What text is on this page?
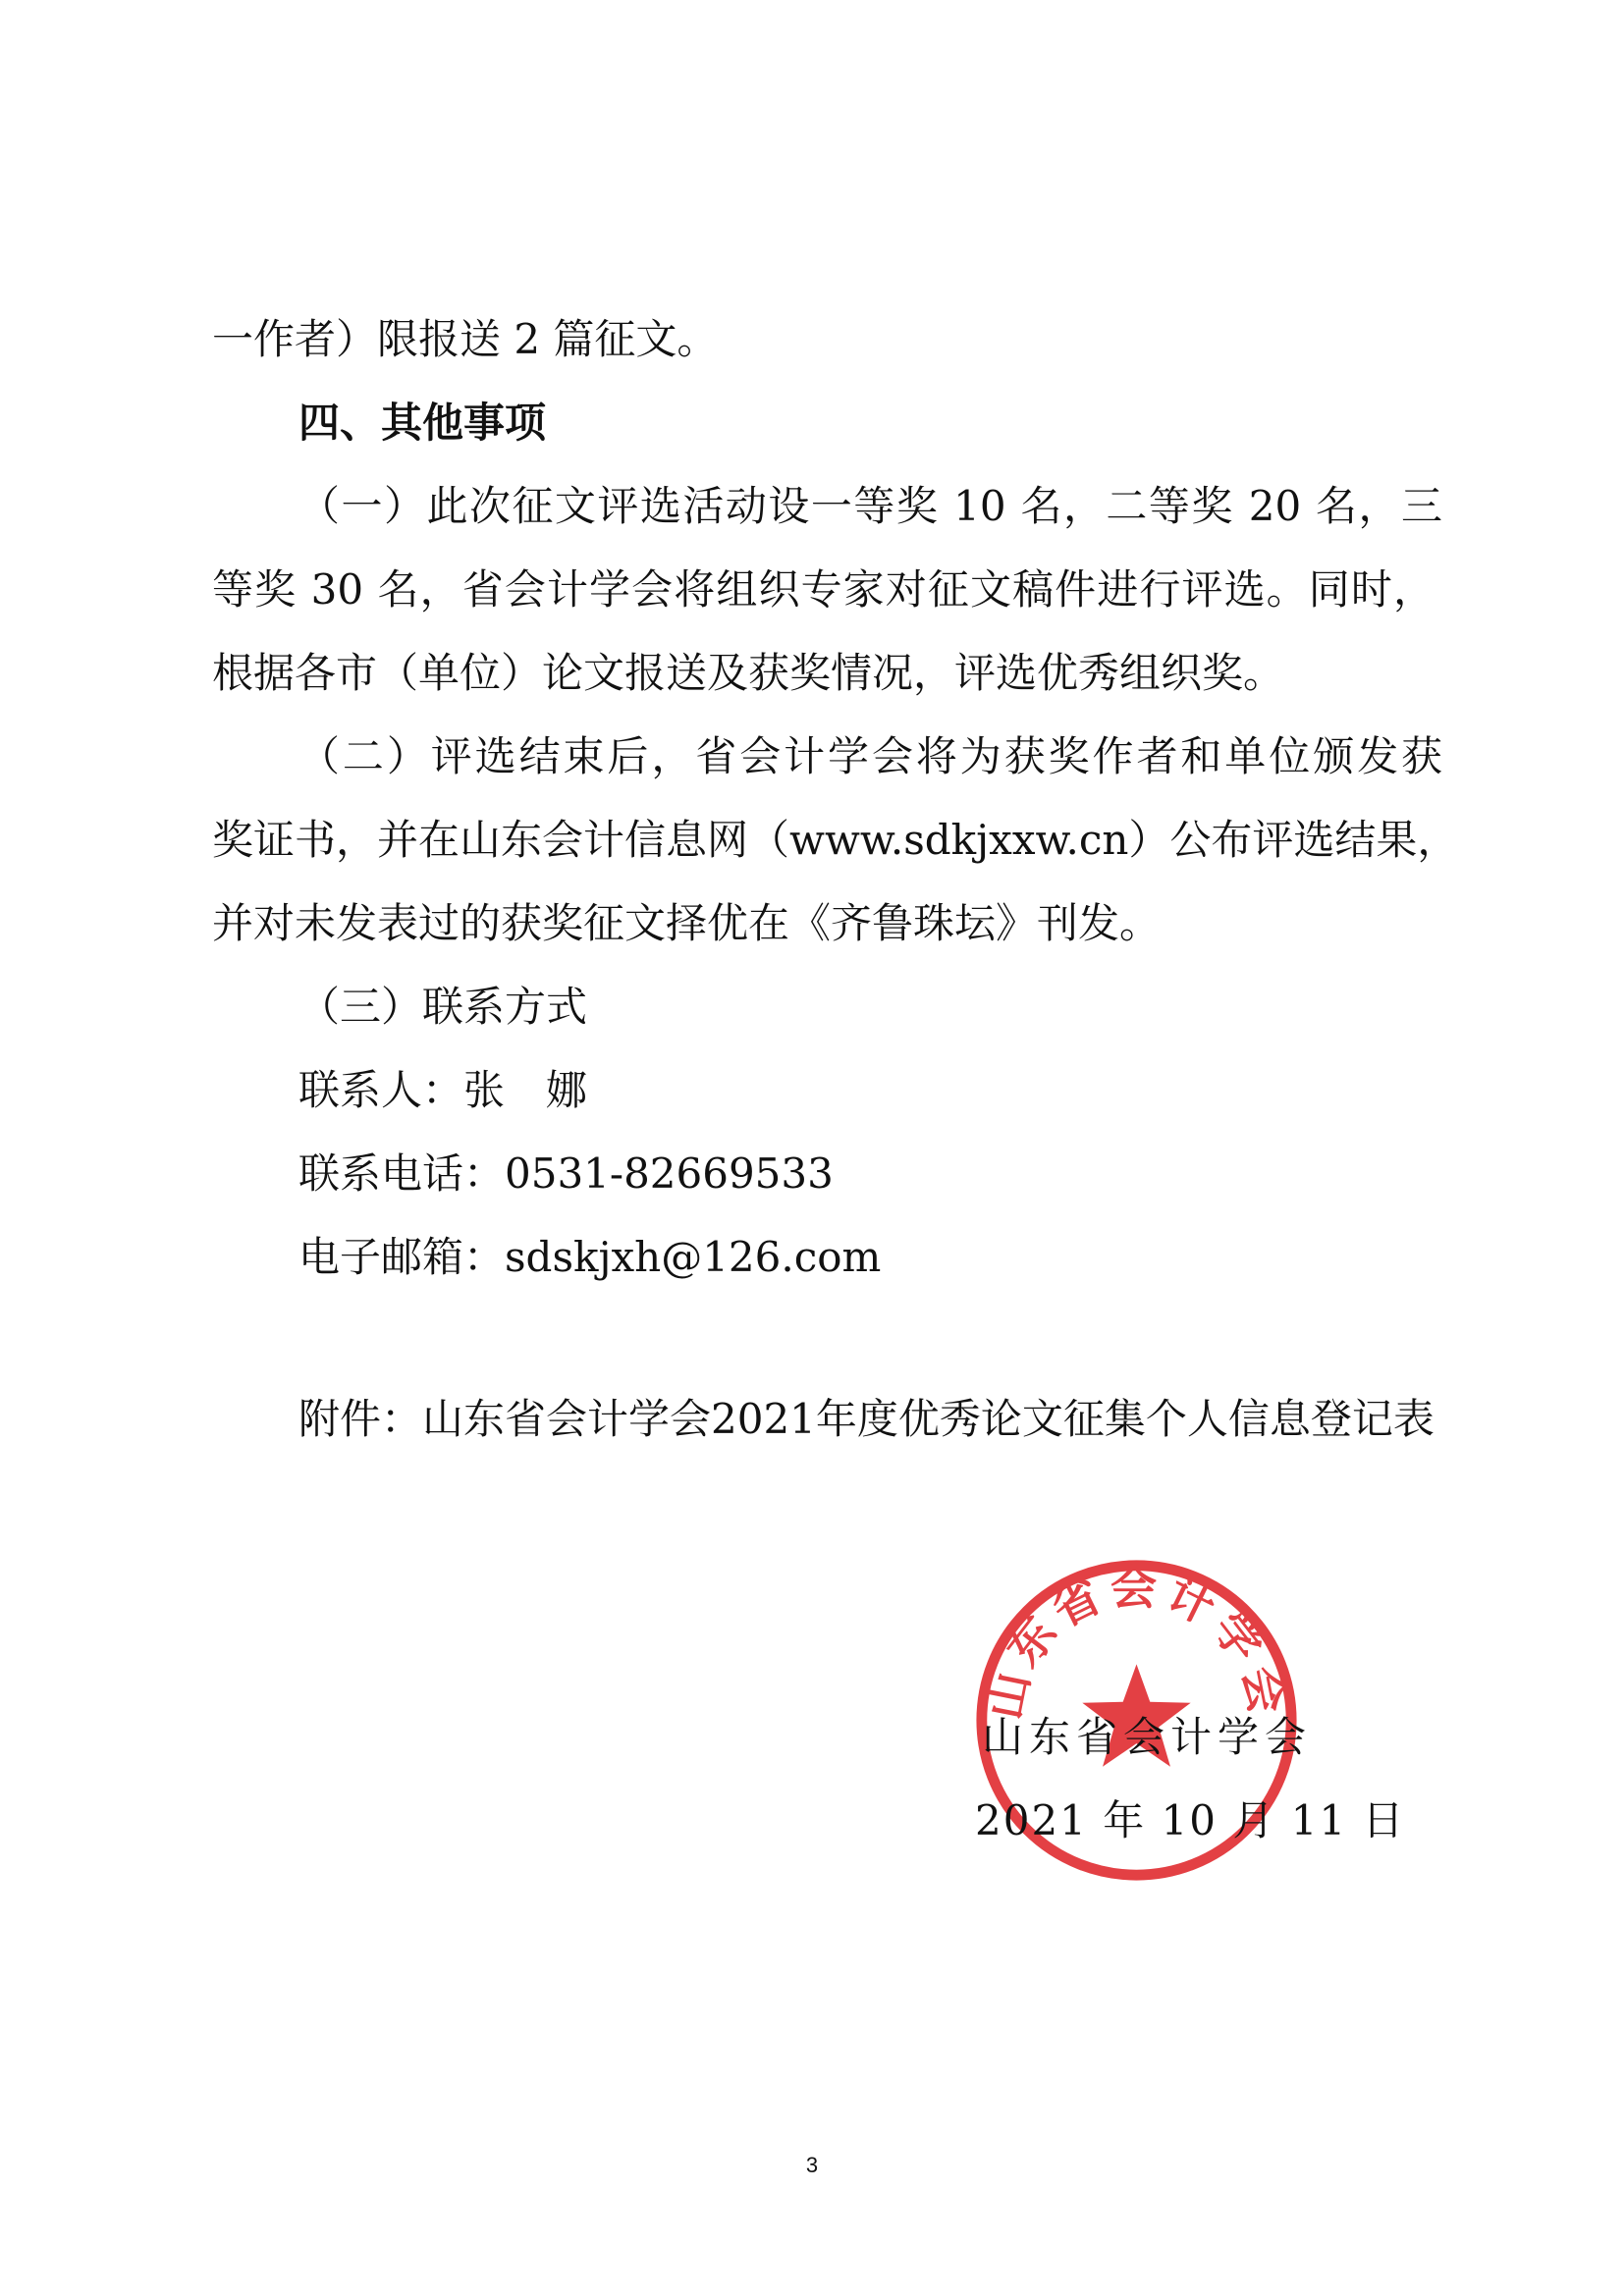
一作者）限报送 2 篇征文。
四、其他事项
（一）此次征文评选活动设一等奖 10 名，二等奖 20 名，三
等奖 30 名，省会计学会将组织专家对征文稿件进行评选。同时，
根据各市（单位）论文报送及获奖情况，评选优秀组织奖。
（二）评选结束后，省会计学会将为获奖作者和单位颁发获
奖证书，并在山东会计信息网（www.sdkjxxw.cn）公布评选结果，
并对未发表过的获奖征文择优在《齐鲁珠坛》刊发。
（三）联系方式
联系人：张　娜
联系电话：0531-82669533
电子邮箱：sdskjxh@126.com
附件：山东省会计学会2021年度优秀论文征集个人信息登记表
山东省会计学会
山东省会计学会
2021 年 10 月 11 日
3
